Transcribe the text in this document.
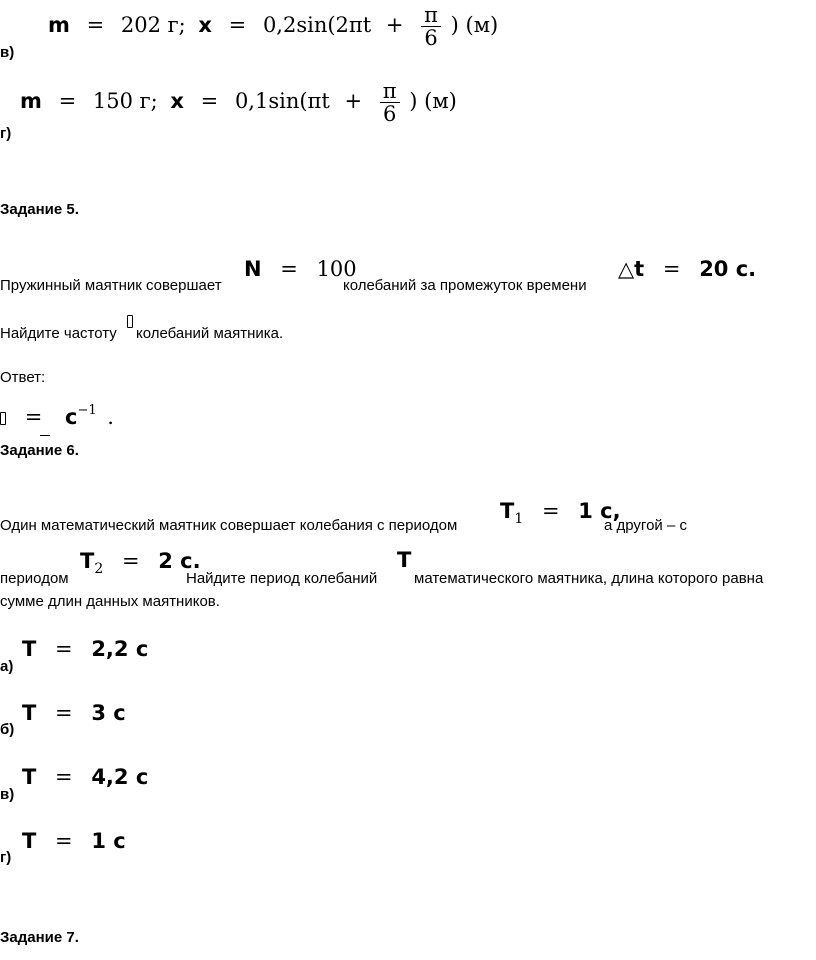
m = 202 г; $x = 0,2\sin(2\pi t + \frac{\pi}{6}$ ) (м)
в)
m = 150 г; $x = 0,1\sin(\pi t + \frac{\pi}{6}$ ) (м)
г)
Задание 5.
N = 100	△t = 20 с.
Пружинный маятник совершает	колебаний за промежуток времени
Найдите частоту колебаний маятника.
Ответ:
= $с^{-1}$ .
Задание 6.
$T_1 = 1$ с,
Один математический маятник совершает колебания с периодом	а другой – с
$T_2 = 2$ с.	T
периодом	Найдите период колебаний математического маятника, длина которого равна
сумме длин данных маятников.
T = 2,2 с
а)
T = 3 с
б)
T = 4,2 с
в)
T = 1 с
г)
Задание 7.
